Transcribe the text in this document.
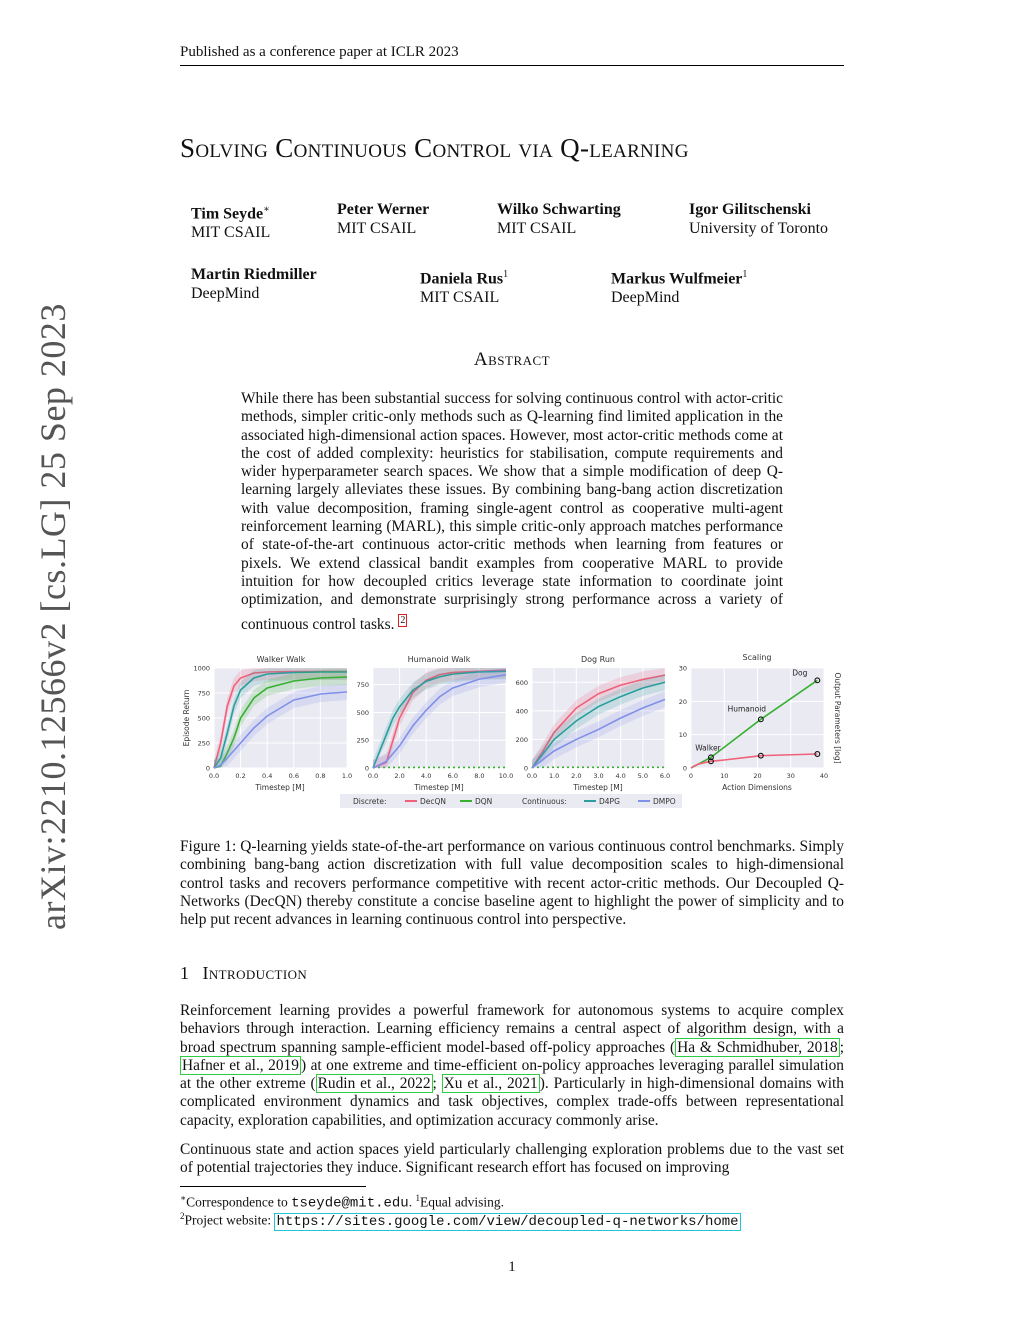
Published as a conference paper at ICLR 2023
arXiv:2210.12566v2 [cs.LG] 25 Sep 2023
Solving Continuous Control via Q-learning
Tim Seyde∗
MIT CSAIL
Peter Werner
MIT CSAIL
Wilko Schwarting
MIT CSAIL
Igor Gilitschenski
University of Toronto
Martin Riedmiller
DeepMind
Daniela Rus$^1$
MIT CSAIL
Markus Wulfmeier$^1$
DeepMind
Abstract
While there has been substantial success for solving continuous control with actor-critic methods, simpler critic-only methods such as Q-learning find limited application in the associated high-dimensional action spaces. However, most actor-critic methods come at the cost of added complexity: heuristics for stabilisation, compute requirements and wider hyperparameter search spaces. We show that a simple modification of deep Q-learning largely alleviates these issues. By combining bang-bang action discretization with value decomposition, framing single-agent control as cooperative multi-agent reinforcement learning (MARL), this simple critic-only approach matches performance of state-of-the-art continuous actor-critic methods when learning from features or pixels. We extend classical bandit examples from cooperative MARL to provide intuition for how decoupled critics leverage state information to coordinate joint optimization, and demonstrate surprisingly strong performance across a variety of continuous control tasks. $^2$
Walker Walk
Episode Return
Timestep [M]
0
250
500
750
1000
0.0	0.2	0.4	0.6	0.8	1.0
Humanoid Walk
Timestep [M]
0
250
500
750
0.0	2.0	4.0	6.0	8.0 10.0
Dog Run
Timestep [M]
0
200
400
600
0.0 1.0 2.0 3.0 4.0 5.0 6.0
Scaling
Action Dimensions
Output Parameters [log]
0
10
20
30
0	10	20	30	40
Dog
Humanoid
Walker
Discrete:	DecQN	DQN	Continuous:	D4PG	DMPO
Figure 1: Q-learning yields state-of-the-art performance on various continuous control benchmarks. Simply combining bang-bang action discretization with full value decomposition scales to high-dimensional control tasks and recovers performance competitive with recent actor-critic methods. Our Decoupled Q-Networks (DecQN) thereby constitute a concise baseline agent to highlight the power of simplicity and to help put recent advances in learning continuous control into perspective.
1 Introduction
Reinforcement learning provides a powerful framework for autonomous systems to acquire complex behaviors through interaction. Learning efficiency remains a central aspect of algorithm design, with a broad spectrum spanning sample-efficient model-based off-policy approaches ( Ha & Schmidhuber, 2018 ; Hafner et al., 2019 ) at one extreme and time-efficient on-policy approaches leveraging parallel simulation at the other extreme ( Rudin et al., 2022 ; Xu et al., 2021 ). Particularly in high-dimensional domains with complicated environment dynamics and task objectives, complex trade-offs between representational capacity, exploration capabilities, and optimization accuracy commonly arise.
Continuous state and action spaces yield particularly challenging exploration problems due to the vast set of potential trajectories they induce. Significant research effort has focused on improving
∗Correspondence to tseyde@mit.edu. $^1$Equal advising.
$^2$Project website: https://sites.google.com/view/decoupled-q-networks/home
1
